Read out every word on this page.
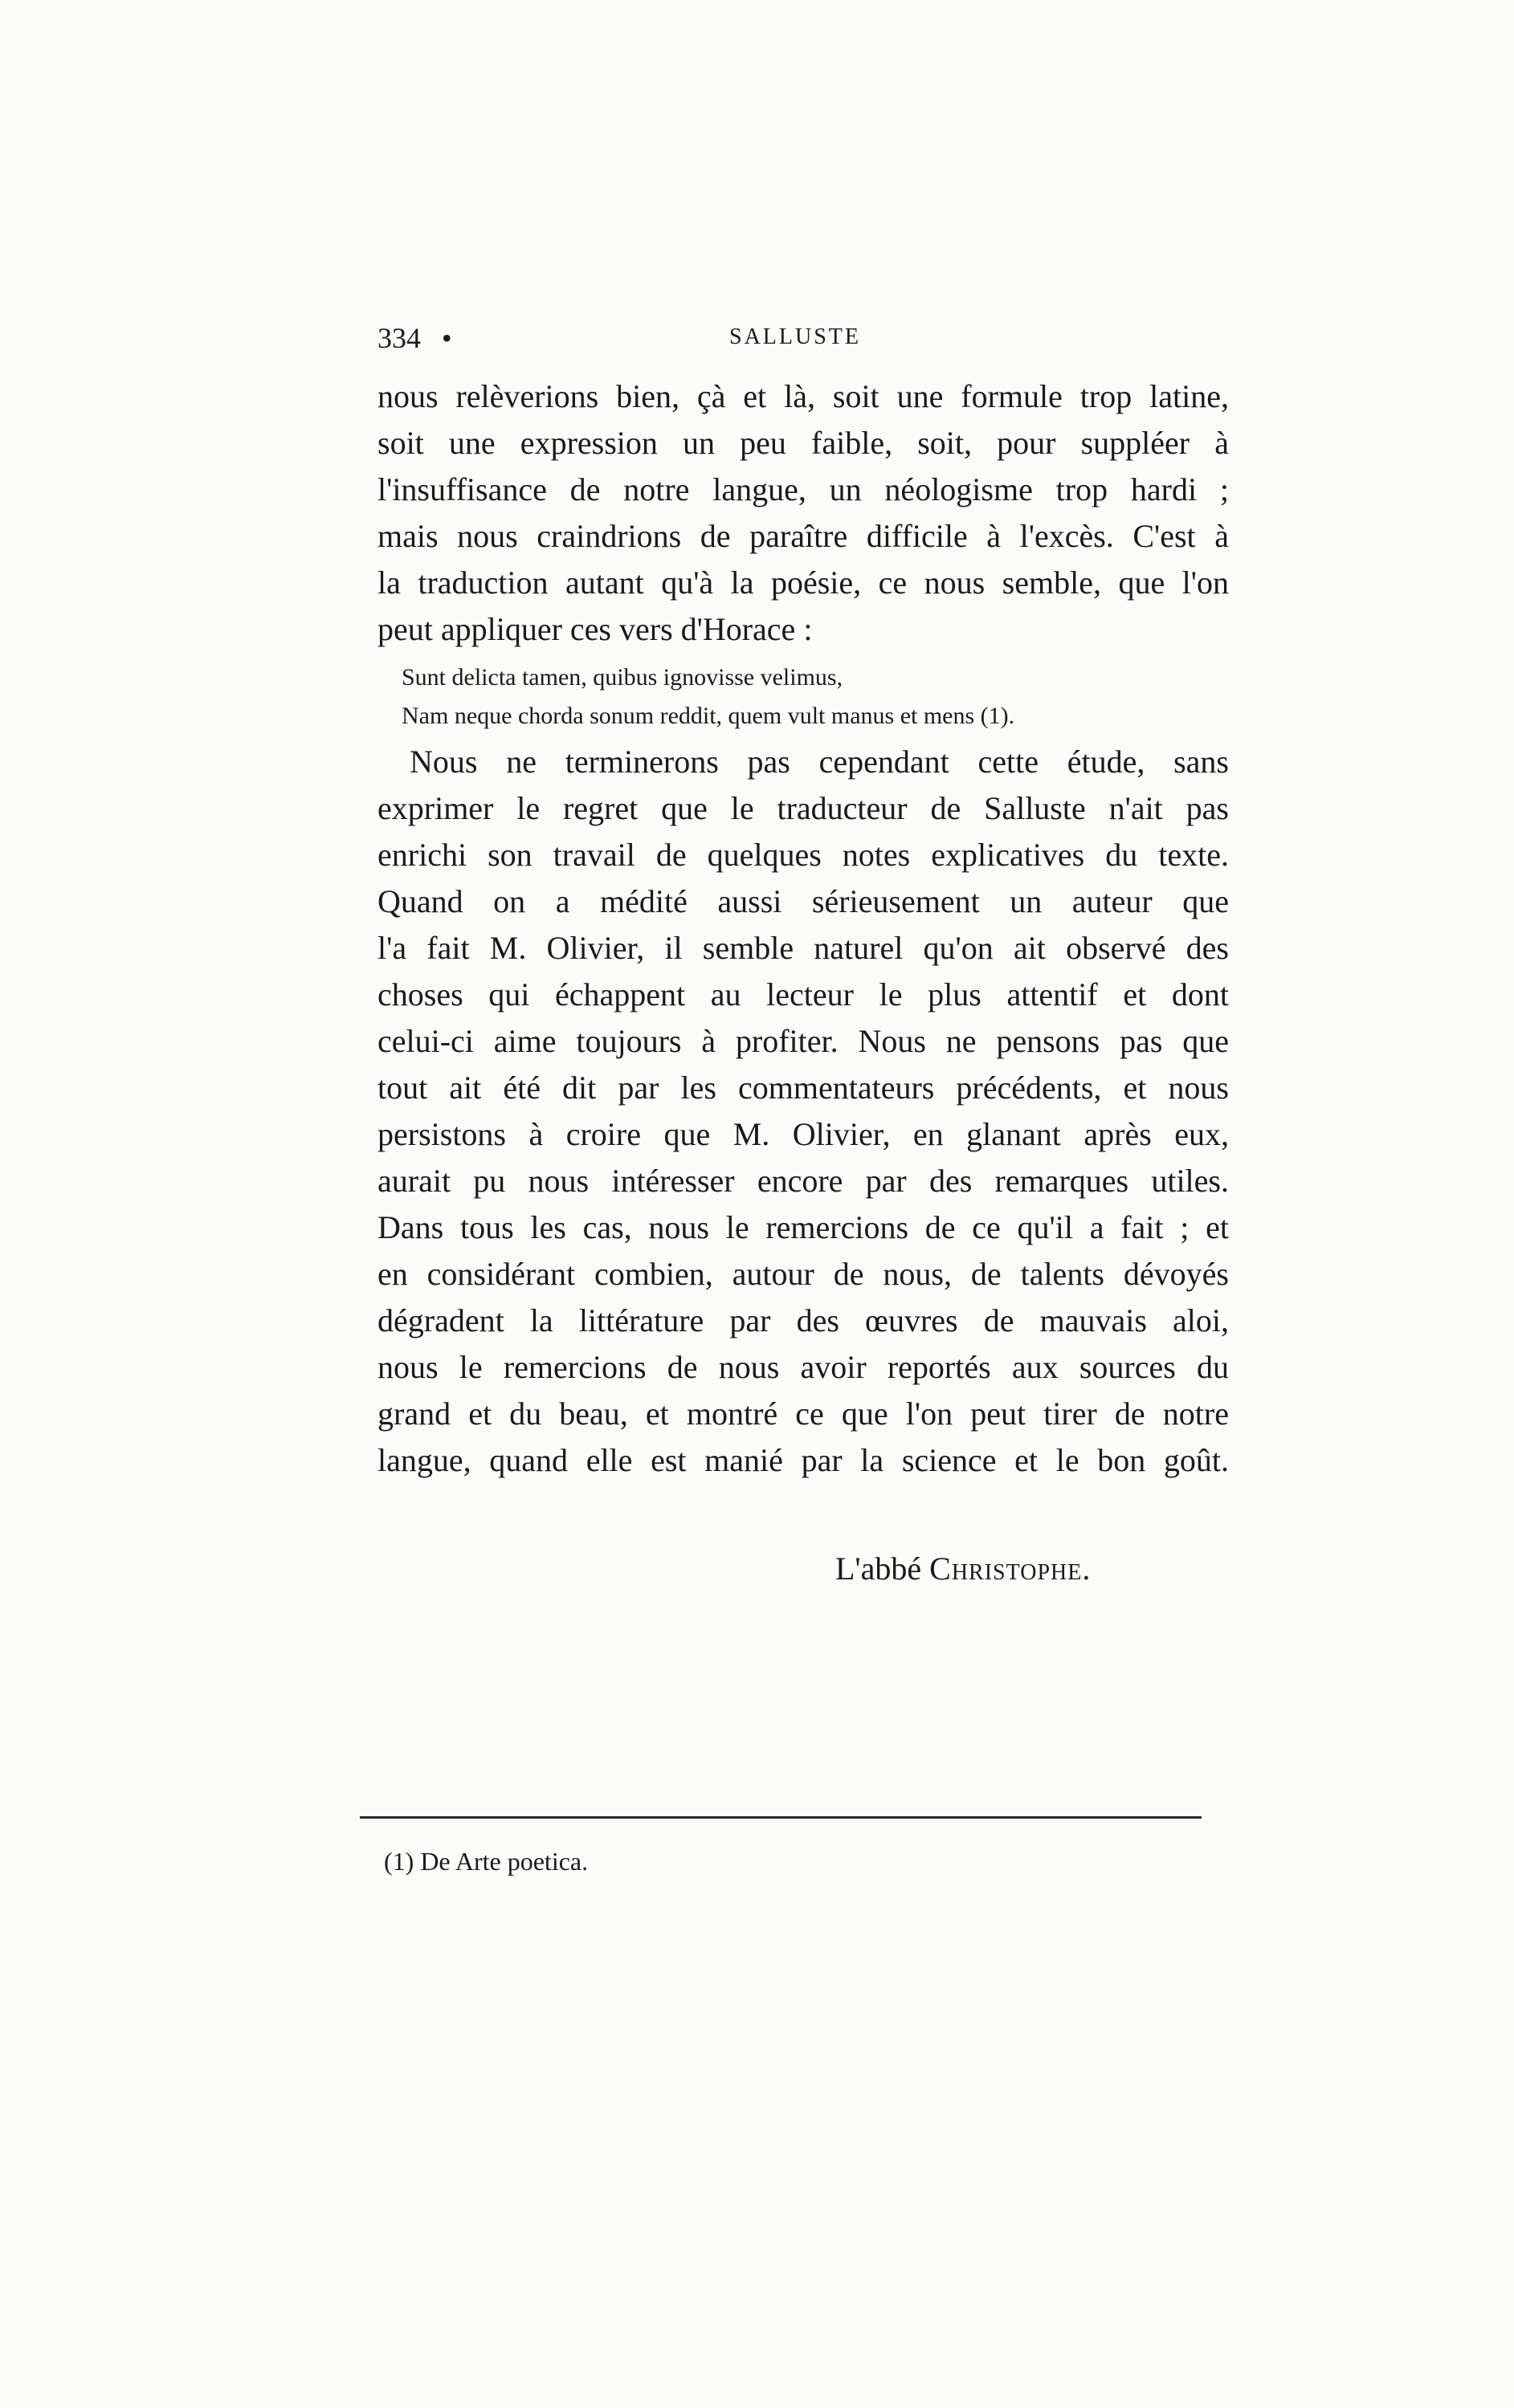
334 •	SALLUSTE
nous relèverions bien, çà et là, soit une formule trop latine,
soit une expression un peu faible, soit, pour suppléer à
l'insuffisance de notre langue, un néologisme trop hardi ;
mais nous craindrions de paraître difficile à l'excès. C'est à
la traduction autant qu'à la poésie, ce nous semble, que l'on
peut appliquer ces vers d'Horace :
Sunt delicta tamen, quibus ignovisse velimus,
Nam neque chorda sonum reddit, quem vult manus et mens (1).
Nous ne terminerons pas cependant cette étude, sans
exprimer le regret que le traducteur de Salluste n'ait pas
enrichi son travail de quelques notes explicatives du texte.
Quand on a médité aussi sérieusement un auteur que
l'a fait M. Olivier, il semble naturel qu'on ait observé des
choses qui échappent au lecteur le plus attentif et dont
celui-ci aime toujours à profiter. Nous ne pensons pas que
tout ait été dit par les commentateurs précédents, et nous
persistons à croire que M. Olivier, en glanant après eux,
aurait pu nous intéresser encore par des remarques utiles.
Dans tous les cas, nous le remercions de ce qu'il a fait ; et
en considérant combien, autour de nous, de talents dévoyés
dégradent la littérature par des œuvres de mauvais aloi,
nous le remercions de nous avoir reportés aux sources du
grand et du beau, et montré ce que l'on peut tirer de notre
langue, quand elle est manié par la science et le bon goût.
L'abbé Christophe.
(1) De Arte poetica.
